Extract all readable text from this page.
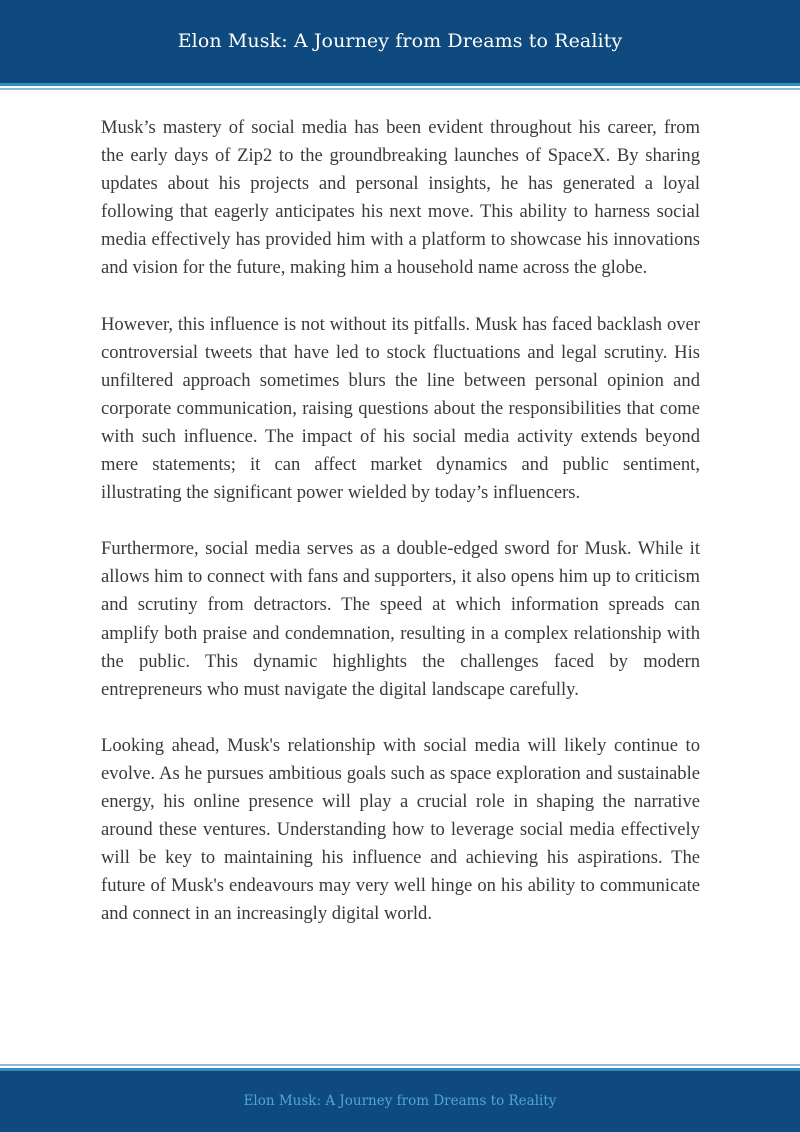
Elon Musk: A Journey from Dreams to Reality

Musk’s mastery of social media has been evident throughout his career, from the early days of Zip2 to the groundbreaking launches of SpaceX. By sharing updates about his projects and personal insights, he has generated a loyal following that eagerly anticipates his next move. This ability to harness social media effectively has provided him with a platform to showcase his innovations and vision for the future, making him a household name across the globe.

However, this influence is not without its pitfalls. Musk has faced backlash over controversial tweets that have led to stock fluctuations and legal scrutiny. His unfiltered approach sometimes blurs the line between personal opinion and corporate communication, raising questions about the responsibilities that come with such influence. The impact of his social media activity extends beyond mere statements; it can affect market dynamics and public sentiment, illustrating the significant power wielded by today’s influencers.

Furthermore, social media serves as a double-edged sword for Musk. While it allows him to connect with fans and supporters, it also opens him up to criticism and scrutiny from detractors. The speed at which information spreads can amplify both praise and condemnation, resulting in a complex relationship with the public. This dynamic highlights the challenges faced by modern entrepreneurs who must navigate the digital landscape carefully.

Looking ahead, Musk's relationship with social media will likely continue to evolve. As he pursues ambitious goals such as space exploration and sustainable energy, his online presence will play a crucial role in shaping the narrative around these ventures. Understanding how to leverage social media effectively will be key to maintaining his influence and achieving his aspirations. The future of Musk's endeavours may very well hinge on his ability to communicate and connect in an increasingly digital world.

Elon Musk: A Journey from Dreams to Reality
